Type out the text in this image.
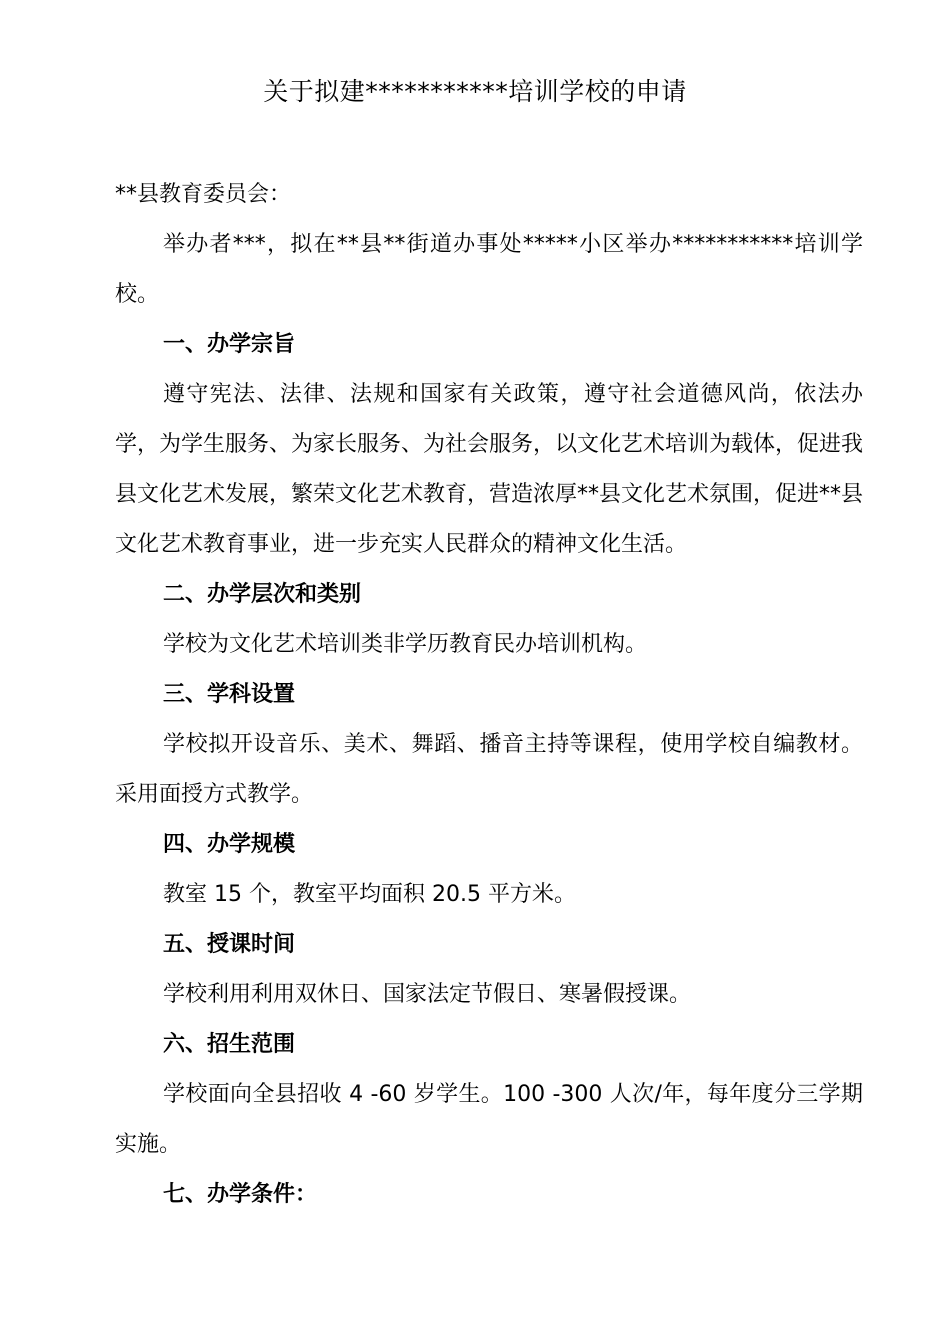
关于拟建***********培训学校的申请

**县教育委员会：

举办者***，拟在**县**街道办事处*****小区举办***********培训学校。

一、办学宗旨

遵守宪法、法律、法规和国家有关政策，遵守社会道德风尚，依法办学，为学生服务、为家长服务、为社会服务，以文化艺术培训为载体，促进我县文化艺术发展，繁荣文化艺术教育，营造浓厚**县文化艺术氛围，促进**县文化艺术教育事业，进一步充实人民群众的精神文化生活。

二、办学层次和类别

学校为文化艺术培训类非学历教育民办培训机构。

三、学科设置

学校拟开设音乐、美术、舞蹈、播音主持等课程，使用学校自编教材。采用面授方式教学。

四、办学规模

教室 15 个，教室平均面积 20.5 平方米。

五、授课时间

学校利用利用双休日、国家法定节假日、寒暑假授课。

六、招生范围

学校面向全县招收 4 -60 岁学生。100 -300 人次/年，每年度分三学期实施。

七、办学条件：
